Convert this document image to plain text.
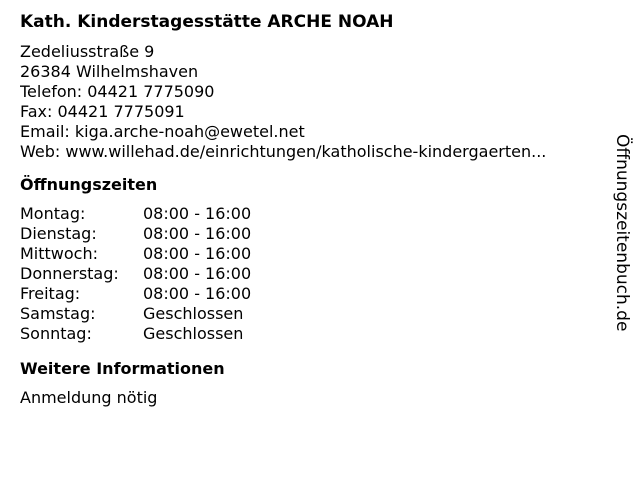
Kath. Kinderstagesstätte ARCHE NOAH
Zedeliusstraße 9
26384 Wilhelmshaven
Telefon: 04421 7775090
Fax: 04421 7775091
Email: kiga.arche-noah@ewetel.net
Web: www.willehad.de/einrichtungen/katholische-kindergaerten...
Öffnungszeiten
Montag:	08:00 - 16:00
Dienstag:	08:00 - 16:00
Mittwoch:	08:00 - 16:00
Donnerstag:	08:00 - 16:00
Freitag:	08:00 - 16:00
Samstag:	Geschlossen
Sonntag:	Geschlossen
Weitere Informationen
Anmeldung nötig
Öffnungszeitenbuch.de
